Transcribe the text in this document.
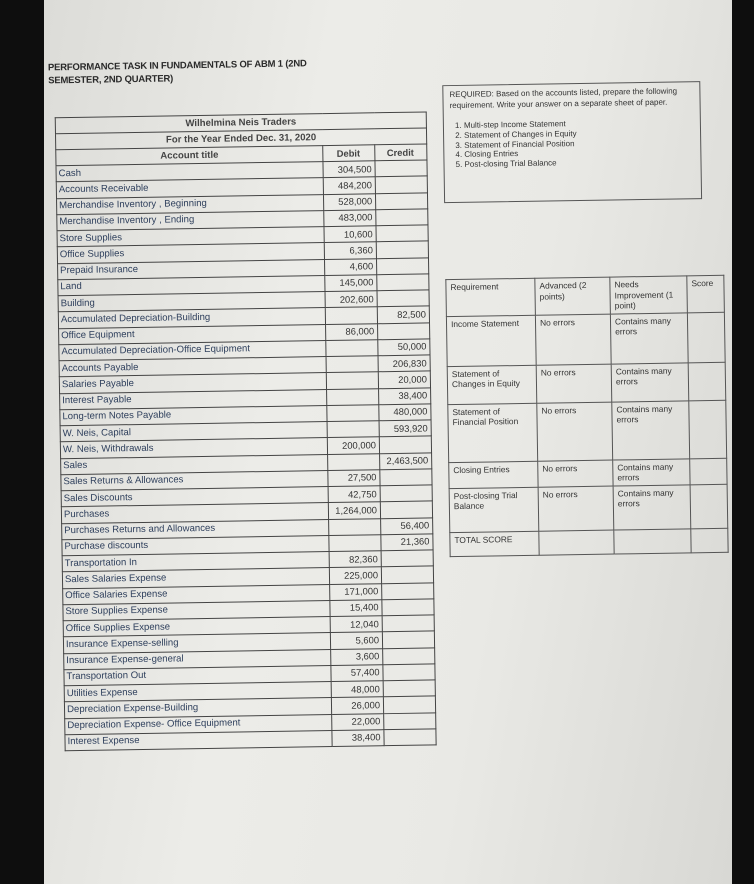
PERFORMANCE TASK IN FUNDAMENTALS OF ABM 1 (2ND
SEMESTER, 2ND QUARTER)
Wilhelmina Neis Traders		
For the Year Ended Dec. 31, 2020		
Account title	Debit	Credit
Cash	304,500	
Accounts Receivable	484,200	
Merchandise Inventory , Beginning	528,000	
Merchandise Inventory , Ending	483,000	
Store Supplies	10,600	
Office Supplies	6,360	
Prepaid Insurance	4,600	
Land	145,000	
Building	202,600	
Accumulated Depreciation-Building		82,500
Office Equipment	86,000	
Accumulated Depreciation-Office Equipment		50,000
Accounts Payable		206,830
Salaries Payable		20,000
Interest Payable		38,400
Long-term Notes Payable		480,000
W. Neis, Capital		593,920
W. Neis, Withdrawals	200,000	
Sales		2,463,500
Sales Returns & Allowances	27,500	
Sales Discounts	42,750	
Purchases	1,264,000	
Purchases Returns and Allowances		56,400
Purchase discounts		21,360
Transportation In	82,360	
Sales Salaries Expense	225,000	
Office Salaries Expense	171,000	
Store Supplies Expense	15,400	
Office Supplies Expense	12,040	
Insurance Expense-selling	5,600	
Insurance Expense-general	3,600	
Transportation Out	57,400	
Utilities Expense	48,000	
Depreciation Expense-Building	26,000	
Depreciation Expense- Office Equipment	22,000	
Interest Expense	38,400	
REQUIRED: Based on the accounts listed, prepare the following requirement. Write your answer on a separate sheet of paper.
1. Multi-step Income Statement
2. Statement of Changes in Equity
3. Statement of Financial Position
4. Closing Entries
5. Post-closing Trial Balance
Requirement	Advanced (2 points)	Needs Improvement (1 point)	Score
Income Statement	No errors	Contains many errors	
Statement of Changes in Equity	No errors	Contains many errors	
Statement of Financial Position	No errors	Contains many errors	
Closing Entries	No errors	Contains many errors	
Post-closing Trial Balance	No errors	Contains many errors	
TOTAL SCORE			
